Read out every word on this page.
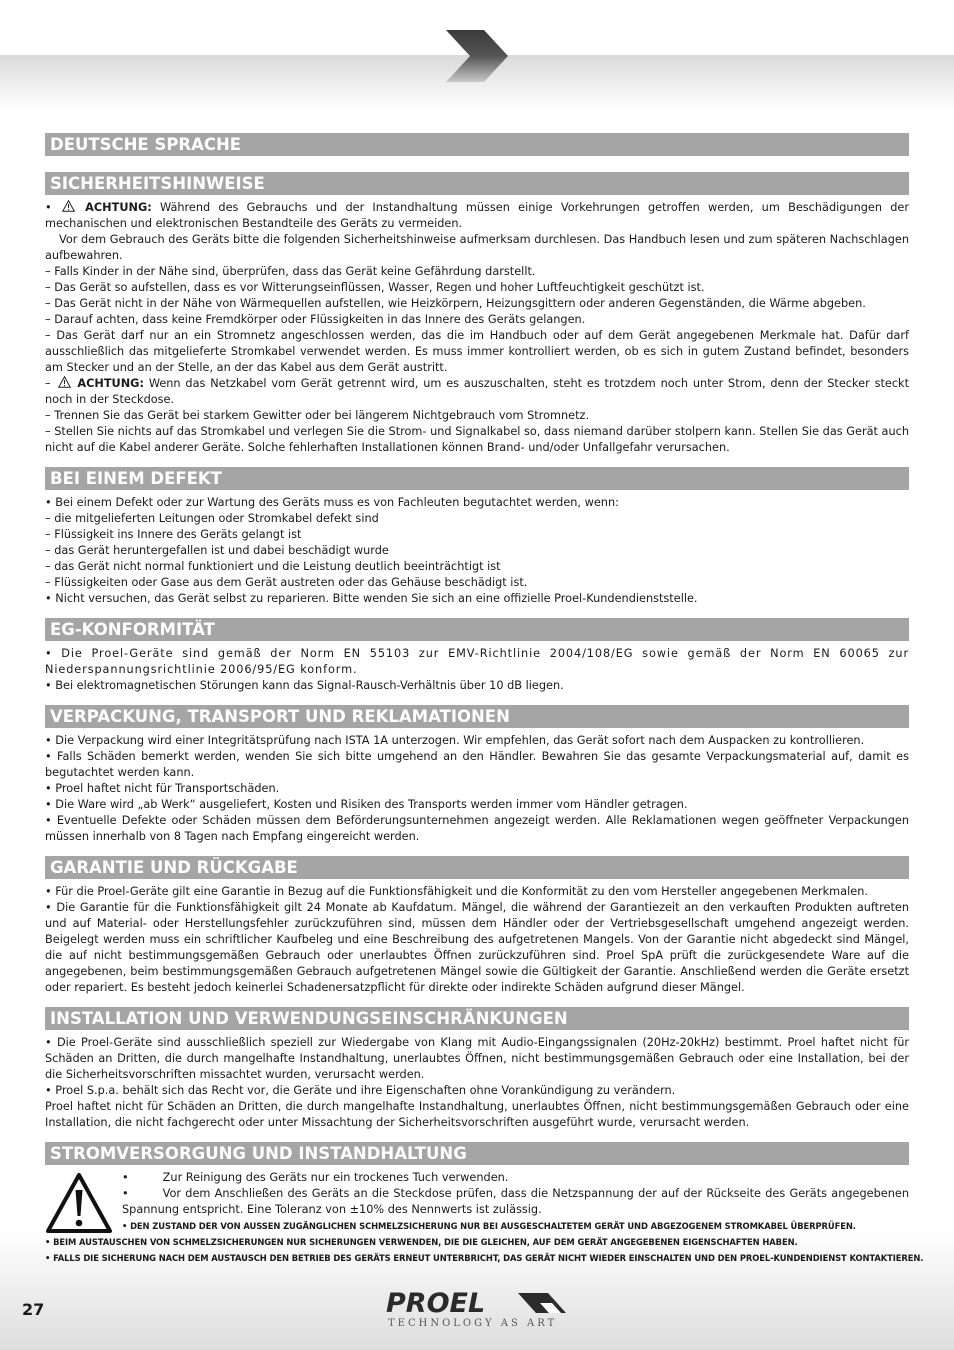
DEUTSCHE SPRACHE
SICHERHEITSHINWEISE

•	ACHTUNG: Während des Gebrauchs und der Instandhaltung müssen einige Vorkehrungen getroffen werden, um Beschädigungen der mechanischen und elektronischen Bestandteile des Geräts zu vermeiden.

Vor dem Gebrauch des Geräts bitte die folgenden Sicherheitshinweise aufmerksam durchlesen. Das Handbuch lesen und zum späteren Nachschlagen aufbewahren.

– Falls Kinder in der Nähe sind, überprüfen, dass das Gerät keine Gefährdung darstellt.

– Das Gerät so aufstellen, dass es vor Witterungseinflüssen, Wasser, Regen und hoher Luftfeuchtigkeit geschützt ist.

– Das Gerät nicht in der Nähe von Wärmequellen aufstellen, wie Heizkörpern, Heizungsgittern oder anderen Gegenständen, die Wärme abgeben.

– Darauf achten, dass keine Fremdkörper oder Flüssigkeiten in das Innere des Geräts gelangen.

– Das Gerät darf nur an ein Stromnetz angeschlossen werden, das die im Handbuch oder auf dem Gerät angegebenen Merkmale hat. Dafür darf ausschließlich das mitgelieferte Stromkabel verwendet werden. Es muss immer kontrolliert werden, ob es sich in gutem Zustand befindet, besonders am Stecker und an der Stelle, an der das Kabel aus dem Gerät austritt.

– ACHTUNG: Wenn das Netzkabel vom Gerät getrennt wird, um es auszuschalten, steht es trotzdem noch unter Strom, denn der Stecker steckt noch in der Steckdose.

– Trennen Sie das Gerät bei starkem Gewitter oder bei längerem Nichtgebrauch vom Stromnetz.

– Stellen Sie nichts auf das Stromkabel und verlegen Sie die Strom- und Signalkabel so, dass niemand darüber stolpern kann. Stellen Sie das Gerät auch nicht auf die Kabel anderer Geräte. Solche fehlerhaften Installationen können Brand- und/oder Unfallgefahr verursachen.

BEI EINEM DEFEKT

• Bei einem Defekt oder zur Wartung des Geräts muss es von Fachleuten begutachtet werden, wenn:

– die mitgelieferten Leitungen oder Stromkabel defekt sind

– Flüssigkeit ins Innere des Geräts gelangt ist

– das Gerät heruntergefallen ist und dabei beschädigt wurde

– das Gerät nicht normal funktioniert und die Leistung deutlich beeinträchtigt ist

– Flüssigkeiten oder Gase aus dem Gerät austreten oder das Gehäuse beschädigt ist.

• Nicht versuchen, das Gerät selbst zu reparieren. Bitte wenden Sie sich an eine offizielle Proel-Kundendienststelle.

EG-KONFORMITÄT

• Die Proel-Geräte sind gemäß der Norm EN 55103 zur EMV-Richtlinie 2004/108/EG sowie gemäß der Norm EN 60065 zur Niederspannungsrichtlinie 2006/95/EG konform.

• Bei elektromagnetischen Störungen kann das Signal-Rausch-Verhältnis über 10 dB liegen.

VERPACKUNG, TRANSPORT UND REKLAMATIONEN

• Die Verpackung wird einer Integritätsprüfung nach ISTA 1A unterzogen. Wir empfehlen, das Gerät sofort nach dem Auspacken zu kontrollieren.

• Falls Schäden bemerkt werden, wenden Sie sich bitte umgehend an den Händler. Bewahren Sie das gesamte Verpackungsmaterial auf, damit es begutachtet werden kann.

• Proel haftet nicht für Transportschäden.

• Die Ware wird „ab Werk“ ausgeliefert, Kosten und Risiken des Transports werden immer vom Händler getragen.

• Eventuelle Defekte oder Schäden müssen dem Beförderungsunternehmen angezeigt werden. Alle Reklamationen wegen geöffneter Verpackungen müssen innerhalb von 8 Tagen nach Empfang eingereicht werden.

GARANTIE UND RÜCKGABE

• Für die Proel-Geräte gilt eine Garantie in Bezug auf die Funktionsfähigkeit und die Konformität zu den vom Hersteller angegebenen Merkmalen.

• Die Garantie für die Funktionsfähigkeit gilt 24 Monate ab Kaufdatum. Mängel, die während der Garantiezeit an den verkauften Produkten auftreten und auf Material- oder Herstellungsfehler zurückzuführen sind, müssen dem Händler oder der Vertriebsgesellschaft umgehend angezeigt werden. Beigelegt werden muss ein schriftlicher Kaufbeleg und eine Beschreibung des aufgetretenen Mangels. Von der Garantie nicht abgedeckt sind Mängel, die auf nicht bestimmungsgemäßen Gebrauch oder unerlaubtes Öffnen zurückzuführen sind. Proel SpA prüft die zurückgesendete Ware auf die angegebenen, beim bestimmungsgemäßen Gebrauch aufgetretenen Mängel sowie die Gültigkeit der Garantie. Anschließend werden die Geräte ersetzt oder repariert. Es besteht jedoch keinerlei Schadenersatzpflicht für direkte oder indirekte Schäden aufgrund dieser Mängel.

INSTALLATION UND VERWENDUNGSEINSCHRÄNKUNGEN

• Die Proel-Geräte sind ausschließlich speziell zur Wiedergabe von Klang mit Audio-Eingangssignalen (20Hz-20kHz) bestimmt. Proel haftet nicht für Schäden an Dritten, die durch mangelhafte Instandhaltung, unerlaubtes Öffnen, nicht bestimmungsgemäßen Gebrauch oder eine Installation, bei der die Sicherheitsvorschriften missachtet wurden, verursacht werden.

• Proel S.p.a. behält sich das Recht vor, die Geräte und ihre Eigenschaften ohne Vorankündigung zu verändern.

Proel haftet nicht für Schäden an Dritten, die durch mangelhafte Instandhaltung, unerlaubtes Öffnen, nicht bestimmungsgemäßen Gebrauch oder eine Installation, die nicht fachgerecht oder unter Missachtung der Sicherheitsvorschriften ausgeführt wurde, verursacht werden.

STROMVERSORGUNG UND INSTANDHALTUNG

•	Zur Reinigung des Geräts nur ein trockenes Tuch verwenden.

•	Vor dem Anschließen des Geräts an die Steckdose prüfen, dass die Netzspannung der auf der Rückseite des Geräts angegebenen Spannung entspricht. Eine Toleranz von ±10% des Nennwerts ist zulässig.

• DEN ZUSTAND DER VON AUSSEN ZUGÄNGLICHEN SCHMELZSICHERUNG NUR BEI AUSGESCHALTETEM GERÄT UND ABGEZOGENEM STROMKABEL ÜBERPRÜFEN.

• BEIM AUSTAUSCHEN VON SCHMELZSICHERUNGEN NUR SICHERUNGEN VERWENDEN, DIE DIE GLEICHEN, AUF DEM GERÄT ANGEGEBENEN EIGENSCHAFTEN HABEN.

• FALLS DIE SICHERUNG NACH DEM AUSTAUSCH DEN BETRIEB DES GERÄTS ERNEUT UNTERBRICHT, DAS GERÄT NICHT WIEDER EINSCHALTEN UND DEN PROEL-KUNDENDIENST KONTAKTIEREN.

27	PROEL
TECHNOLOGY AS ART
